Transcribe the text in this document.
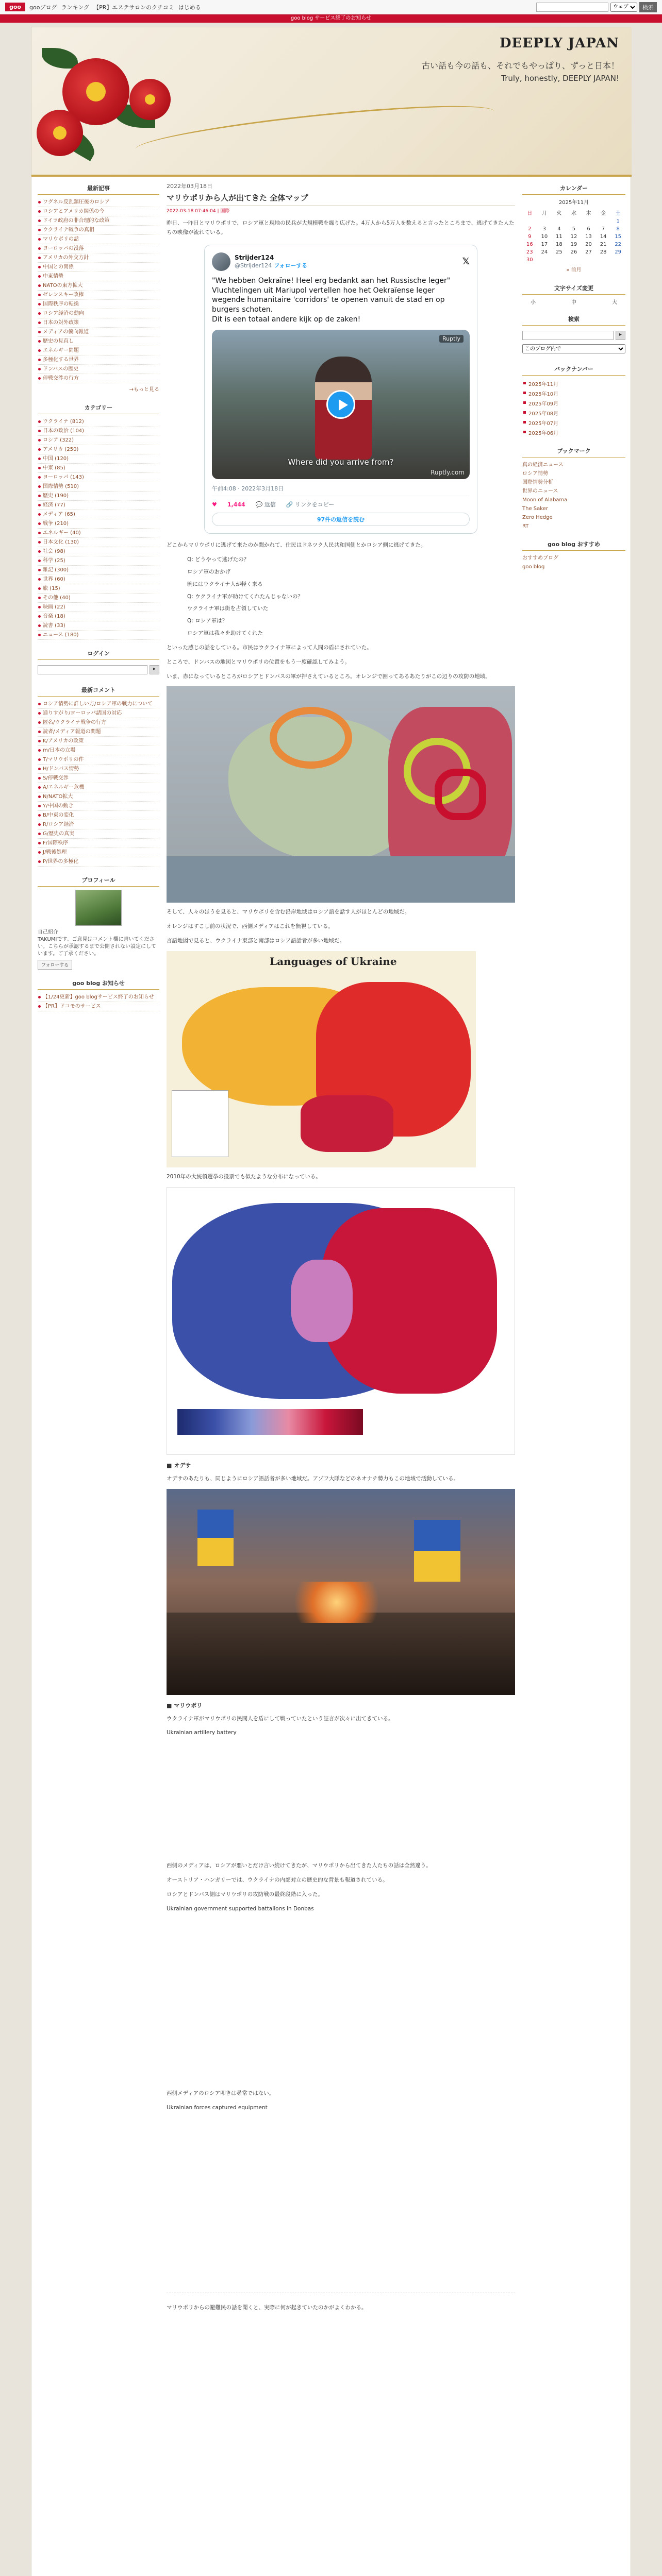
goo	gooブログ ランキング 【PR】エステサロンのクチコミ はじめる
ウェブ	検索
goo blog サービス終了のお知らせ
DEEPLY JAPAN
古い話も今の話も、それでもやっぱり、ずっと日本！
Truly, honestly, DEEPLY JAPAN!
最新記事
ワグネル反乱鎮圧後のロシア
ロシアとアメリカ関係の今
ドイツ政府の非合理的な政策
ウクライナ戦争の真相
マリウポリの話
ヨーロッパの没落
アメリカの外交方針
中国との関係
中東情勢
NATOの東方拡大
ゼレンスキー政権
国際秩序の転換
ロシア経済の動向
日本の対外政策
メディアの偏向報道
歴史の見直し
エネルギー問題
多極化する世界
ドンバスの歴史
停戦交渉の行方
→もっと見る
カテゴリー
ウクライナ (812)
日本の政治 (104)
ロシア (322)
アメリカ (250)
中国 (120)
中東 (85)
ヨーロッパ (143)
国際情勢 (510)
歴史 (190)
経済 (77)
メディア (65)
戦争 (210)
エネルギー (40)
日本文化 (130)
社会 (98)
科学 (25)
雑記 (300)
世界 (60)
旅 (15)
その他 (40)
映画 (22)
音楽 (18)
読書 (33)
ニュース (180)
ログイン
▸
最新コメント
ロシア情勢に詳しい方/ロシア軍の戦力について
通りすがり/ヨーロッパ諸国の対応
匿名/ウクライナ戦争の行方
読者/メディア報道の問題
K/アメリカの政策
m/日本の立場
T/マリウポリの件
H/ドンバス情勢
S/停戦交渉
A/エネルギー危機
N/NATO拡大
Y/中国の動き
B/中東の変化
R/ロシア経済
G/歴史の真実
F/国際秩序
J/戦後処理
P/世界の多極化
プロフィール
自己紹介
TAKUMIです。ご意見はコメント欄に書いてください。こちらが承認するまで公開されない設定にしています。ご了承ください。
フォローする
goo blog お知らせ
【1/24更新】goo blogサービス終了のお知らせ
【PR】ドコモのサービス
2022年03月18日
マリウポリから人が出てきた 全体マップ
2022-03-18 07:46:04 | 国際

昨日、一昨日とマリウポリで、ロシア軍と現地の民兵が大規模戦を繰り広げた。4万人から5万人を数えると言ったところまで、逃げてきた人たちの映像が流れている。

Strijder124
@Strijder124 フォローする	𝕏
"We hebben Oekraïne! Heel erg bedankt aan het Russische leger" Vluchtelingen uit Mariupol vertellen hoe het Oekraïense leger wegende humanitaire 'corridors' te openen vanuit de stad en op burgers schoten.
Dit is een totaal andere kijk op de zaken!
Where did you arrive from?
Ruptly.com
Ruptly
午前4:08 · 2022年3月18日
♥ 1,444 💬 返信 🔗 リンクをコピー
97件の返信を読む

どこからマリウポリに逃げて来たのか聞かれて、住民はドネツク人民共和国側とかロシア側に逃げてきた。

Q: どうやって逃げたの？
ロシア軍のおかげ
晩にはウクライナ人が軽く来る
Q: ウクライナ軍が助けてくれたんじゃないの？
ウクライナ軍は街を占領していた
Q: ロシア軍は？
ロシア軍は我々を助けてくれた

といった感じの話をしている。市民はウクライナ軍によって人間の盾にされていた。

ところで、ドンバスの地図とマリウポリの位置をもう一度確認してみよう。

いま、赤になっているところがロシアとドンバスの軍が押さえているところ。オレンジで囲ってあるあたりがこの辺りの攻防の地域。

そして、人々のほうを見ると、マリウポリを含む沿岸地域はロシア語を話す人がほとんどの地域だ。

オレンジはすこし前の状況で、西側メディアはこれを無視している。

言語地図で見ると、ウクライナ東部と南部はロシア語話者が多い地域だ。

Languages of Ukraine

2010年の大統領選挙の投票でも似たような分布になっている。

■ オデサ

オデサのあたりも、同じようにロシア語話者が多い地域だ。アゾフ大隊などのネオナチ勢力もこの地域で活動している。

■ マリウポリ

ウクライナ軍がマリウポリの民間人を盾にして戦っていたという証言が次々に出てきている。

Ukrainian artillery battery

西側のメディアは、ロシアが悪いとだけ言い続けてきたが、マリウポリから出てきた人たちの話は全然違う。

オーストリア・ハンガリーでは、ウクライナの内部対立の歴史的な背景も報道されている。

ロシアとドンバス側はマリウポリの攻防戦の最終段階に入った。

Ukrainian government supported battalions in Donbas

西側メディアのロシア叩きは尋常ではない。

Ukrainian forces captured equipment

マリウポリからの避難民の話を聞くと、実際に何が起きていたのかがよくわかる。

カレンダー
2025年11月
日	月	火	水	木	金	土
						1
2	3	4	5	6	7	8
9	10	11	12	13	14	15
16	17	18	19	20	21	22
23	24	25	26	27	28	29
30						
« 前月
文字サイズ変更
小	中	大
検索
▸
このブログ内で
バックナンバー
2025年11月
2025年10月
2025年09月
2025年08月
2025年07月
2025年06月
ブックマーク
真の経済ニュース
ロシア情勢
国際情勢分析
世界のニュース
Moon of Alabama
The Saker
Zero Hedge
RT
goo blog おすすめ
おすすめブログ
goo blog
